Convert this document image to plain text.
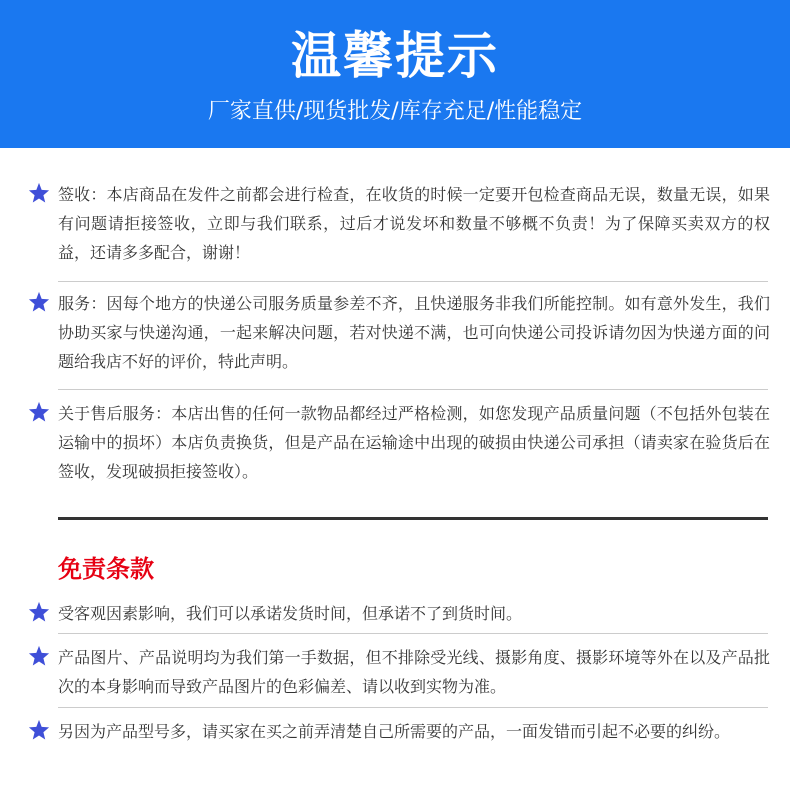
温馨提示
厂家直供/现货批发/库存充足/性能稳定

签收：本店商品在发件之前都会进行检查，在收货的时候一定要开包检查商品无误，数量无误，如果有问题请拒接签收，立即与我们联系，过后才说发坏和数量不够概不负责！为了保障买卖双方的权益，还请多多配合，谢谢！

服务：因每个地方的快递公司服务质量参差不齐，且快递服务非我们所能控制。如有意外发生，我们协助买家与快递沟通，一起来解决问题，若对快递不满，也可向快递公司投诉请勿因为快递方面的问题给我店不好的评价，特此声明。

关于售后服务：本店出售的任何一款物品都经过严格检测，如您发现产品质量问题（不包括外包装在运输中的损坏）本店负责换货，但是产品在运输途中出现的破损由快递公司承担（请卖家在验货后在签收，发现破损拒接签收）。

免责条款

受客观因素影响，我们可以承诺发货时间，但承诺不了到货时间。

产品图片、产品说明均为我们第一手数据，但不排除受光线、摄影角度、摄影环境等外在以及产品批次的本身影响而导致产品图片的色彩偏差、请以收到实物为准。

另因为产品型号多，请买家在买之前弄清楚自己所需要的产品，一面发错而引起不必要的纠纷。
